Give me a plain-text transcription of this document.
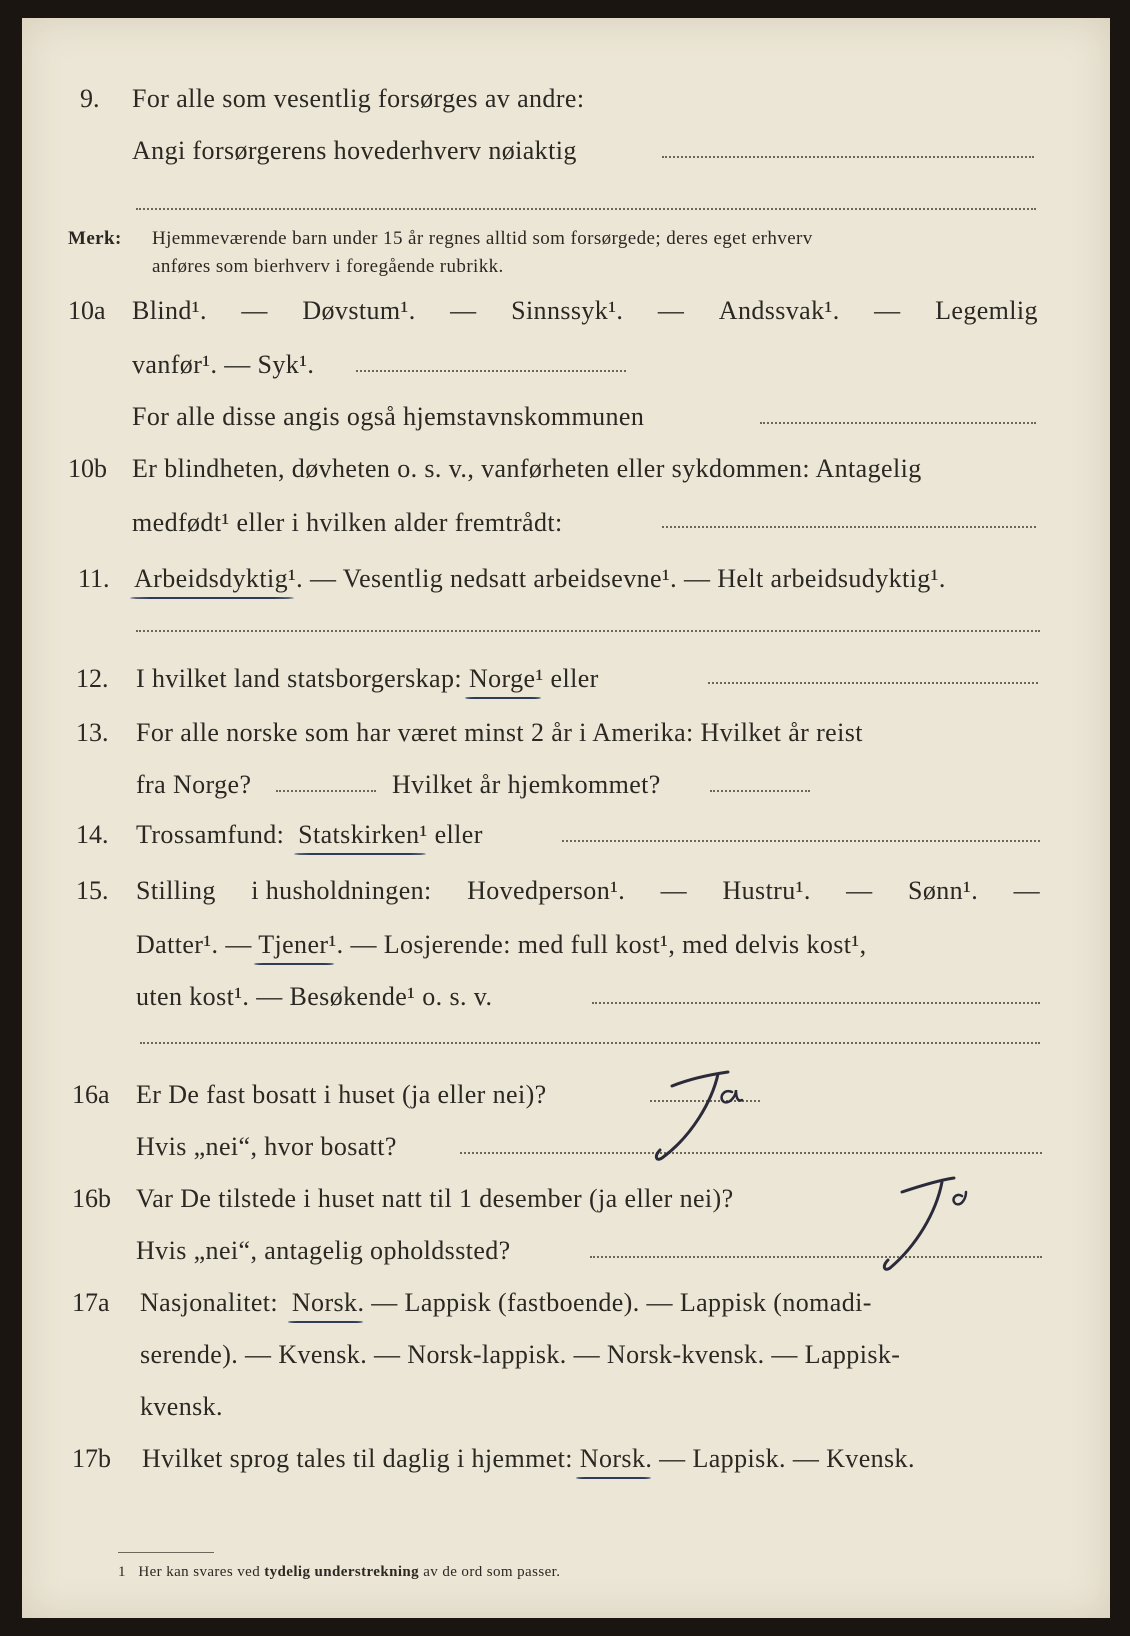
9. For alle som vesentlig forsørges av andre:
Angi forsørgerens hovederhverv nøiaktig
Merk: Hjemmeværende barn under 15 år regnes alltid som forsørgede; deres eget erhverv
anføres som bierhverv i foregående rubrikk.
10a Blind¹. — Døvstum¹. — Sinnssyk¹. — Andssvak¹. — Legemlig
vanfør¹. — Syk¹.
For alle disse angis også hjemstavnskommunen
10b Er blindheten, døvheten o. s. v., vanførheten eller sykdommen: Antagelig
medfødt¹ eller i hvilken alder fremtrådt:
11. Arbeidsdyktig¹. — Vesentlig nedsatt arbeidsevne¹. — Helt arbeidsudyktig¹.
12. I hvilket land statsborgerskap: Norge¹ eller
13. For alle norske som har været minst 2 år i Amerika: Hvilket år reist
fra Norge?	Hvilket år hjemkommet?
14. Trossamfund: Statskirken¹ eller
15. Stilling i husholdningen: Hovedperson¹. — Hustru¹. — Sønn¹. —
Datter¹. — Tjener¹. — Losjerende: med full kost¹, med delvis kost¹,
uten kost¹. — Besøkende¹ o. s. v.
16a Er De fast bosatt i huset (ja eller nei)?
Hvis „nei“, hvor bosatt?
Ja
16b Var De tilstede i huset natt til 1 desember (ja eller nei)?
Hvis „nei“, antagelig opholdssted?
Ja
17a Nasjonalitet: Norsk. — Lappisk (fastboende). — Lappisk (nomadi-
serende). — Kvensk. — Norsk-lappisk. — Norsk-kvensk. — Lappisk-
kvensk.
17b Hvilket sprog tales til daglig i hjemmet: Norsk. — Lappisk. — Kvensk.
1 Her kan svares ved tydelig understrekning av de ord som passer.
